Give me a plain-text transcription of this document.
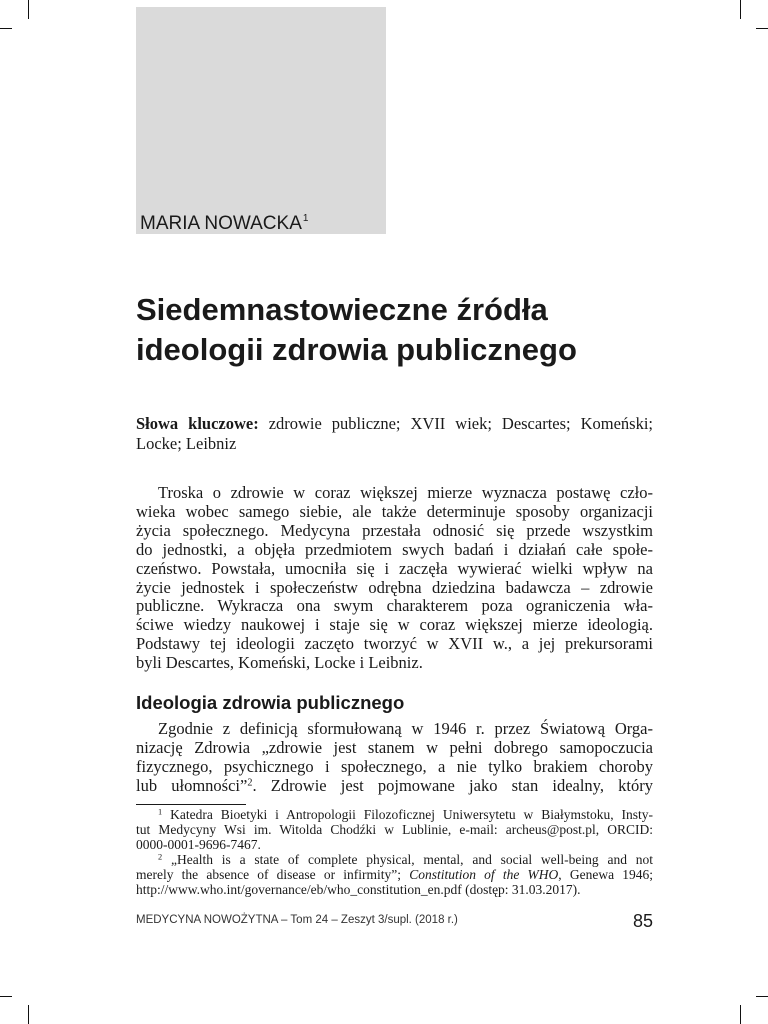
MARIA NOWACKA$^1$
Siedemnastowieczne źródła
ideologii zdrowia publicznego
Słowa kluczowe: zdrowie publiczne; XVII wiek; Descartes; Komeński;
Locke; Leibniz
Troska o zdrowie w coraz większej mierze wyznacza postawę czło-
wieka wobec samego siebie, ale także determinuje sposoby organizacji
życia społecznego. Medycyna przestała odnosić się przede wszystkim
do jednostki, a objęła przedmiotem swych badań i działań całe społe-
czeństwo. Powstała, umocniła się i zaczęła wywierać wielki wpływ na
życie jednostek i społeczeństw odrębna dziedzina badawcza – zdrowie
publiczne. Wykracza ona swym charakterem poza ograniczenia wła-
ściwe wiedzy naukowej i staje się w coraz większej mierze ideologią.
Podstawy tej ideologii zaczęto tworzyć w XVII w., a jej prekursorami
byli Descartes, Komeński, Locke i Leibniz.
Ideologia zdrowia publicznego
Zgodnie z definicją sformułowaną w 1946 r. przez Światową Orga-
nizację Zdrowia „zdrowie jest stanem w pełni dobrego samopoczucia
fizycznego, psychicznego i społecznego, a nie tylko brakiem choroby
lub ułomności”$^2$. Zdrowie jest pojmowane jako stan idealny, który
$^1$ Katedra Bioetyki i Antropologii Filozoficznej Uniwersytetu w Białymstoku, Insty-
tut Medycyny Wsi im. Witolda Chodźki w Lublinie, e-mail: archeus@post.pl, ORCID:
0000-0001-9696-7467.
$^2$ „Health is a state of complete physical, mental, and social well-being and not
merely the absence of disease or infirmity”; Constitution of the WHO, Genewa 1946;
http://www.who.int/governance/eb/who_constitution_en.pdf (dostęp: 31.03.2017).
MEDYCYNA NOWOŻYTNA – Tom 24 – Zeszyt 3/supl. (2018 r.)	85
